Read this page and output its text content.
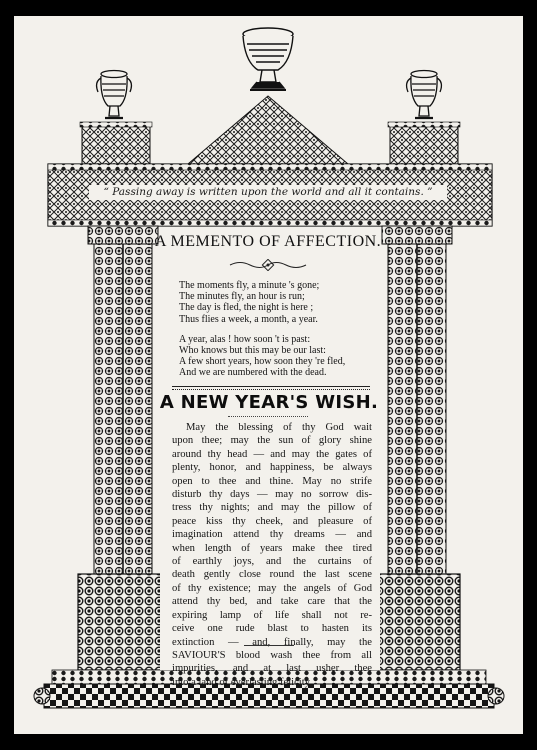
“ Passing away is written upon the world and all it contains. ”
A MEMENTO OF AFFECTION.
The moments fly, a minute 's gone;
The minutes fly, an hour is run;
The day is fled, the night is here ;
Thus flies a week, a month, a year.
A year, alas ! how soon 't is past:
Who knows but this may be our last:
A few short years, how soon they 're fled,
And we are numbered with the dead.
A NEW YEAR'S WISH.
May the blessing of thy God wait
upon thee; may the sun of glory shine
around thy head — and may the gates of
plenty, honor, and happiness, be always
open to thee and thine. May no strife
disturb thy days — may no sorrow dis-
tress thy nights; and may the pillow of
peace kiss thy cheek, and pleasure of
imagination attend thy dreams — and
when length of years make thee tired
of earthly joys, and the curtains of
death gently close round the last scene
of thy existence; may the angels of God
attend thy bed, and take care that the
expiring lamp of life shall not re-
ceive one rude blast to hasten its
extinction — and, finally, may the
SAVIOUR'S blood wash thee from all
impurities, and at last usher thee
into a land of everlasting felicity.
